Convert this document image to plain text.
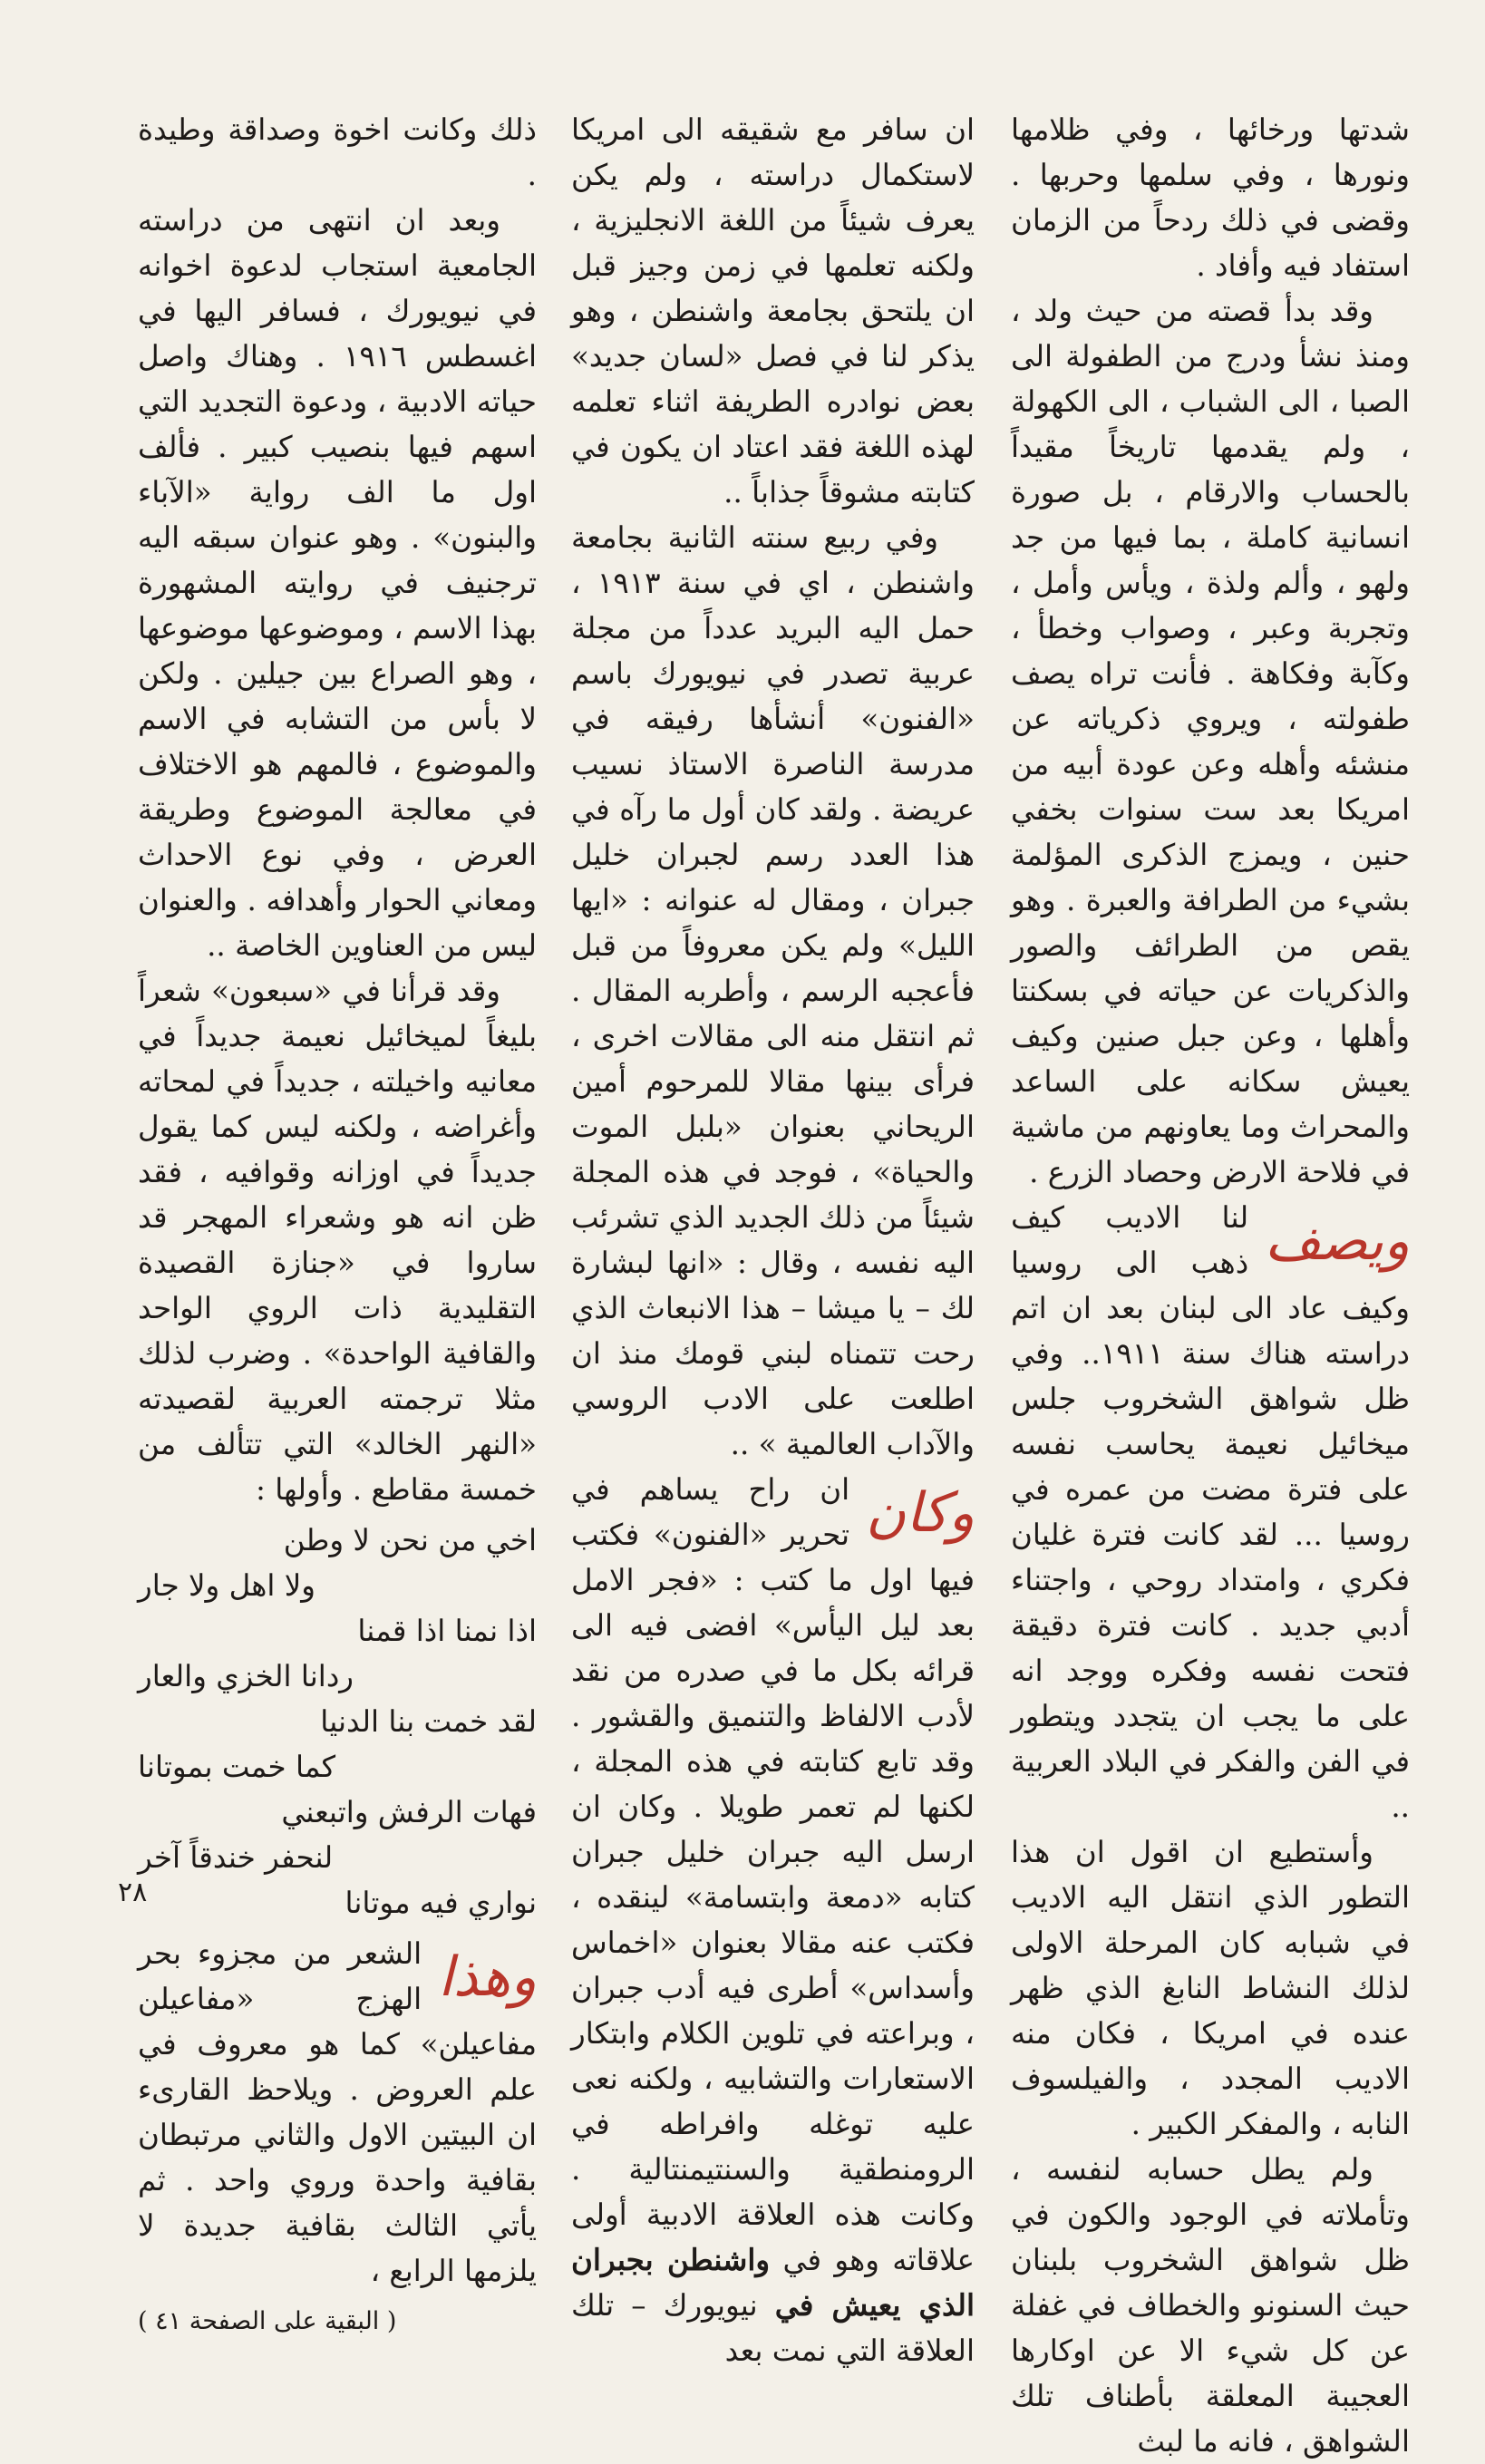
شدتها ورخائها ، وفي ظلامها ونورها ، وفي سلمها وحربها . وقضى في ذلك ردحاً من الزمان استفاد فيه وأفاد .

وقد بدأ قصته من حيث ولد ، ومنذ نشأ ودرج من الطفولة الى الصبا ، الى الشباب ، الى الكهولة ، ولم يقدمها تاريخاً مقيداً بالحساب والارقام ، بل صورة انسانية كاملة ، بما فيها من جد ولهو ، وألم ولذة ، ويأس وأمل ، وتجربة وعبر ، وصواب وخطأ ، وكآبة وفكاهة . فأنت تراه يصف طفولته ، ويروي ذكرياته عن منشئه وأهله وعن عودة أبيه من امريكا بعد ست سنوات بخفي حنين ، ويمزج الذكرى المؤلمة بشيء من الطرافة والعبرة . وهو يقص من الطرائف والصور والذكريات عن حياته في بسكنتا وأهلها ، وعن جبل صنين وكيف يعيش سكانه على الساعد والمحراث وما يعاونهم من ماشية في فلاحة الارض وحصاد الزرع .

ويصف
لنا الاديب كيف ذهب الى روسيا وكيف عاد الى لبنان بعد ان اتم دراسته هناك سنة ١٩١١.. وفي ظل شواهق الشخروب جلس ميخائيل نعيمة يحاسب نفسه على فترة مضت من عمره في روسيا ... لقد كانت فترة غليان فكري ، وامتداد روحي ، واجتناء أدبي جديد . كانت فترة دقيقة فتحت نفسه وفكره ووجد انه على ما يجب ان يتجدد ويتطور في الفن والفكر في البلاد العربية ..

وأستطيع ان اقول ان هذا التطور الذي انتقل اليه الاديب في شبابه كان المرحلة الاولى لذلك النشاط النابغ الذي ظهر عنده في امريكا ، فكان منه الاديب المجدد ، والفيلسوف النابه ، والمفكر الكبير .

ولم يطل حسابه لنفسه ، وتأملاته في الوجود والكون في ظل شواهق الشخروب بلبنان حيث السنونو والخطاف في غفلة عن كل شيء الا عن اوكارها العجيبة المعلقة بأطناف تلك الشواهق ، فانه ما لبث

ان سافر مع شقيقه الى امريكا لاستكمال دراسته ، ولم يكن يعرف شيئاً من اللغة الانجليزية ، ولكنه تعلمها في زمن وجيز قبل ان يلتحق بجامعة واشنطن ، وهو يذكر لنا في فصل «لسان جديد» بعض نوادره الطريفة اثناء تعلمه لهذه اللغة فقد اعتاد ان يكون في كتابته مشوقاً جذاباً ..

وفي ربيع سنته الثانية بجامعة واشنطن ، اي في سنة ١٩١٣ ، حمل اليه البريد عدداً من مجلة عربية تصدر في نيويورك باسم «الفنون» أنشأها رفيقه في مدرسة الناصرة الاستاذ نسيب عريضة . ولقد كان أول ما رآه في هذا العدد رسم لجبران خليل جبران ، ومقال له عنوانه : «ايها الليل» ولم يكن معروفاً من قبل فأعجبه الرسم ، وأطربه المقال . ثم انتقل منه الى مقالات اخرى ، فرأى بينها مقالا للمرحوم أمين الريحاني بعنوان «بلبل الموت والحياة» ، فوجد في هذه المجلة شيئاً من ذلك الجديد الذي تشرئب اليه نفسه ، وقال : «انها لبشارة لك – يا ميشا – هذا الانبعاث الذي رحت تتمناه لبني قومك منذ ان اطلعت على الادب الروسي والآداب العالمية » ..

وكان
ان راح يساهم في تحرير «الفنون» فكتب فيها اول ما كتب : «فجر الامل بعد ليل اليأس» افضى فيه الى قرائه بكل ما في صدره من نقد لأدب الالفاظ والتنميق والقشور . وقد تابع كتابته في هذه المجلة ، لكنها لم تعمر طويلا . وكان ان ارسل اليه جبران خليل جبران كتابه «دمعة وابتسامة» لينقده ، فكتب عنه مقالا بعنوان «اخماس وأسداس» أطرى فيه أدب جبران ، وبراعته في تلوين الكلام وابتكار الاستعارات والتشابيه ، ولكنه نعى عليه توغله وافراطه في الرومنطقية والسنتيمنتالية . وكانت هذه العلاقة الادبية أولى علاقاته وهو في واشنطن بجبران الذي يعيش في نيويورك – تلك العلاقة التي نمت بعد

ذلك وكانت اخوة وصداقة وطيدة .

وبعد ان انتهى من دراسته الجامعية استجاب لدعوة اخوانه في نيويورك ، فسافر اليها في اغسطس ١٩١٦ . وهناك واصل حياته الادبية ، ودعوة التجديد التي اسهم فيها بنصيب كبير . فألف اول ما الف رواية «الآباء والبنون» . وهو عنوان سبقه اليه ترجنيف في روايته المشهورة بهذا الاسم ، وموضوعها موضوعها ، وهو الصراع بين جيلين . ولكن لا بأس من التشابه في الاسم والموضوع ، فالمهم هو الاختلاف في معالجة الموضوع وطريقة العرض ، وفي نوع الاحداث ومعاني الحوار وأهدافه . والعنوان ليس من العناوين الخاصة ..

وقد قرأنا في «سبعون» شعراً بليغاً لميخائيل نعيمة جديداً في معانيه واخيلته ، جديداً في لمحاته وأغراضه ، ولكنه ليس كما يقول جديداً في اوزانه وقوافيه ، فقد ظن انه هو وشعراء المهجر قد ساروا في «جنازة القصيدة التقليدية ذات الروي الواحد والقافية الواحدة» . وضرب لذلك مثلا ترجمته العربية لقصيدته «النهر الخالد» التي تتألف من خمسة مقاطع . وأولها :

اخي من نحن لا وطن
ولا اهل ولا جار
اذا نمنا اذا قمنا
ردانا الخزي والعار
لقد خمت بنا الدنيا
كما خمت بموتانا
فهات الرفش واتبعني
لنحفر خندقاً آخر
نواري فيه موتانا

وهذا
الشعر من مجزوء بحر الهزج «مفاعيلن مفاعيلن» كما هو معروف في علم العروض . ويلاحظ القارىء ان البيتين الاول والثاني مرتبطان بقافية واحدة وروي واحد . ثم يأتي الثالث بقافية جديدة لا يلزمها الرابع ،

( البقية على الصفحة ٤١ )
٢٨
